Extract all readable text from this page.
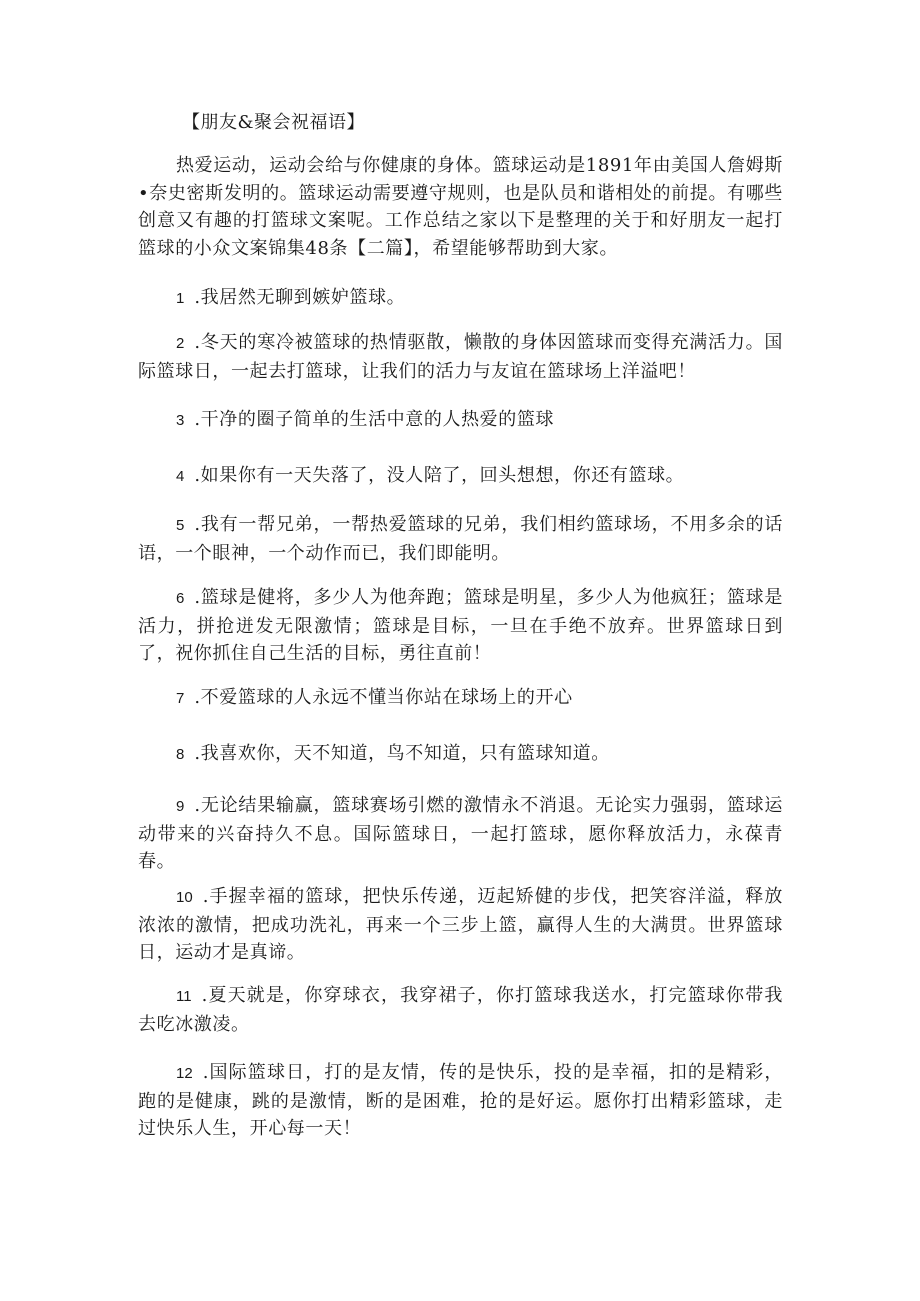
【朋友&聚会祝福语】

热爱运动，运动会给与你健康的身体。篮球运动是1891年由美国人詹姆斯•奈史密斯发明的。篮球运动需要遵守规则，也是队员和谐相处的前提。有哪些创意又有趣的打篮球文案呢。工作总结之家以下是整理的关于和好朋友一起打篮球的小众文案锦集48条【二篇】，希望能够帮助到大家。

1 .我居然无聊到嫉妒篮球。

2 .冬天的寒冷被篮球的热情驱散，懒散的身体因篮球而变得充满活力。国际篮球日，一起去打篮球，让我们的活力与友谊在篮球场上洋溢吧！

3 .干净的圈子简单的生活中意的人热爱的篮球

4 .如果你有一天失落了，没人陪了，回头想想，你还有篮球。

5 .我有一帮兄弟，一帮热爱篮球的兄弟，我们相约篮球场，不用多余的话语，一个眼神，一个动作而已，我们即能明。

6 .篮球是健将，多少人为他奔跑；篮球是明星，多少人为他疯狂；篮球是活力，拼抢迸发无限激情；篮球是目标，一旦在手绝不放弃。世界篮球日到了，祝你抓住自己生活的目标，勇往直前！

7 .不爱篮球的人永远不懂当你站在球场上的开心

8 .我喜欢你，天不知道，鸟不知道，只有篮球知道。

9 .无论结果输赢，篮球赛场引燃的激情永不消退。无论实力强弱，篮球运动带来的兴奋持久不息。国际篮球日，一起打篮球，愿你释放活力，永葆青春。

10 .手握幸福的篮球，把快乐传递，迈起矫健的步伐，把笑容洋溢，释放浓浓的激情，把成功洗礼，再来一个三步上篮，赢得人生的大满贯。世界篮球日，运动才是真谛。

11 .夏天就是，你穿球衣，我穿裙子，你打篮球我送水，打完篮球你带我去吃冰激凌。

12 .国际篮球日，打的是友情，传的是快乐，投的是幸福，扣的是精彩，跑的是健康，跳的是激情，断的是困难，抢的是好运。愿你打出精彩篮球，走过快乐人生，开心每一天！
